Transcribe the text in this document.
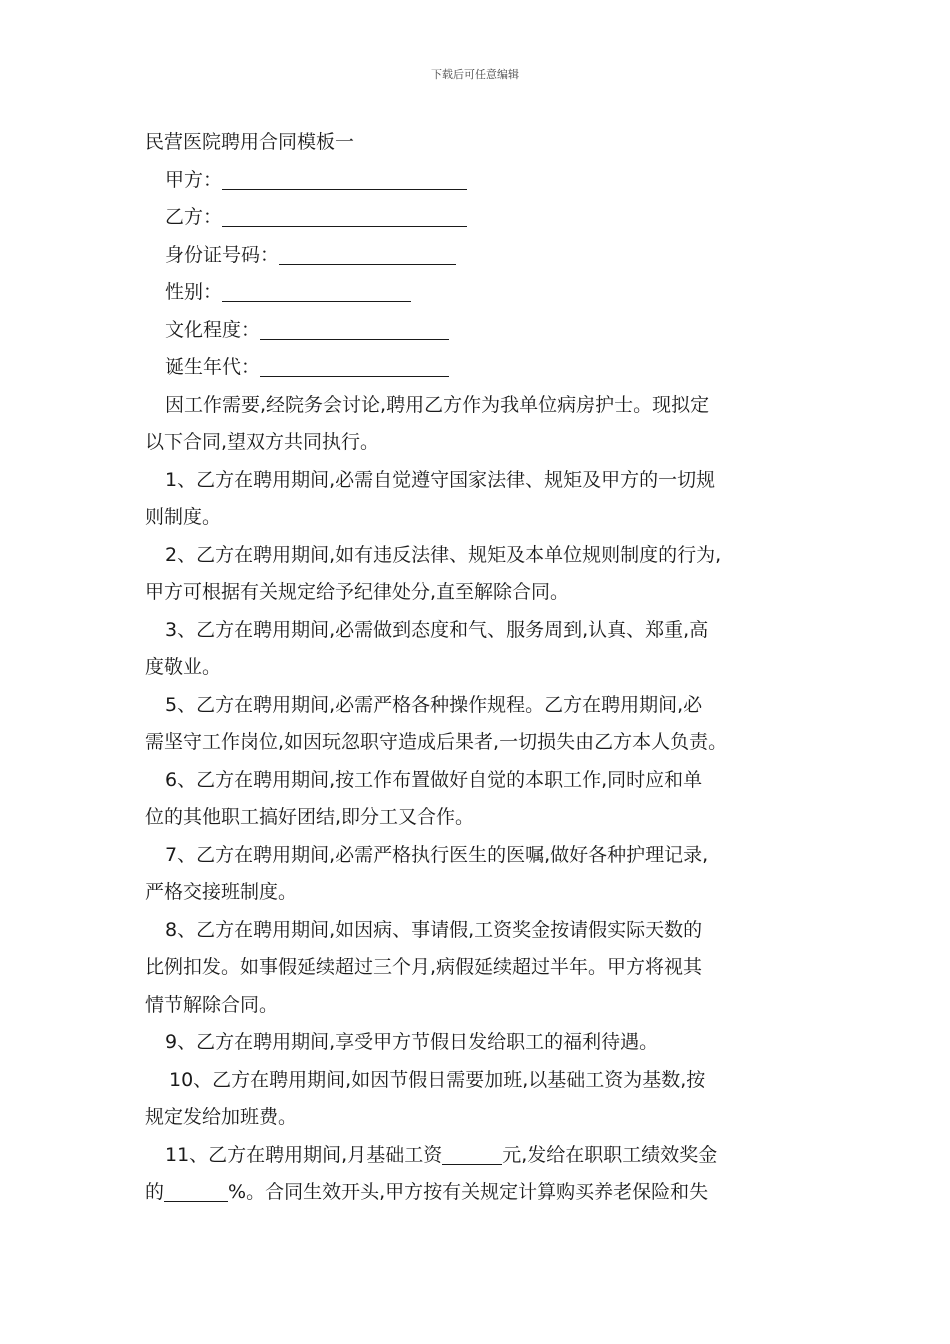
下载后可任意编辑
民营医院聘用合同模板一
甲方：
乙方：
身份证号码：
性别：
文化程度：
诞生年代：
因工作需要,经院务会讨论,聘用乙方作为我单位病房护士。现拟定
以下合同,望双方共同执行。
1、乙方在聘用期间,必需自觉遵守国家法律、规矩及甲方的一切规
则制度。
2、乙方在聘用期间,如有违反法律、规矩及本单位规则制度的行为,
甲方可根据有关规定给予纪律处分,直至解除合同。
3、乙方在聘用期间,必需做到态度和气、服务周到,认真、郑重,高
度敬业。
5、乙方在聘用期间,必需严格各种操作规程。乙方在聘用期间,必
需坚守工作岗位,如因玩忽职守造成后果者,一切损失由乙方本人负责。
6、乙方在聘用期间,按工作布置做好自觉的本职工作,同时应和单
位的其他职工搞好团结,即分工又合作。
7、乙方在聘用期间,必需严格执行医生的医嘱,做好各种护理记录,
严格交接班制度。
8、乙方在聘用期间,如因病、事请假,工资奖金按请假实际天数的
比例扣发。如事假延续超过三个月,病假延续超过半年。甲方将视其
情节解除合同。
9、乙方在聘用期间,享受甲方节假日发给职工的福利待遇。
10、乙方在聘用期间,如因节假日需要加班,以基础工资为基数,按
规定发给加班费。
11、乙方在聘用期间,月基础工资	元,发给在职职工绩效奖金
的	%。合同生效开头,甲方按有关规定计算购买养老保险和失
